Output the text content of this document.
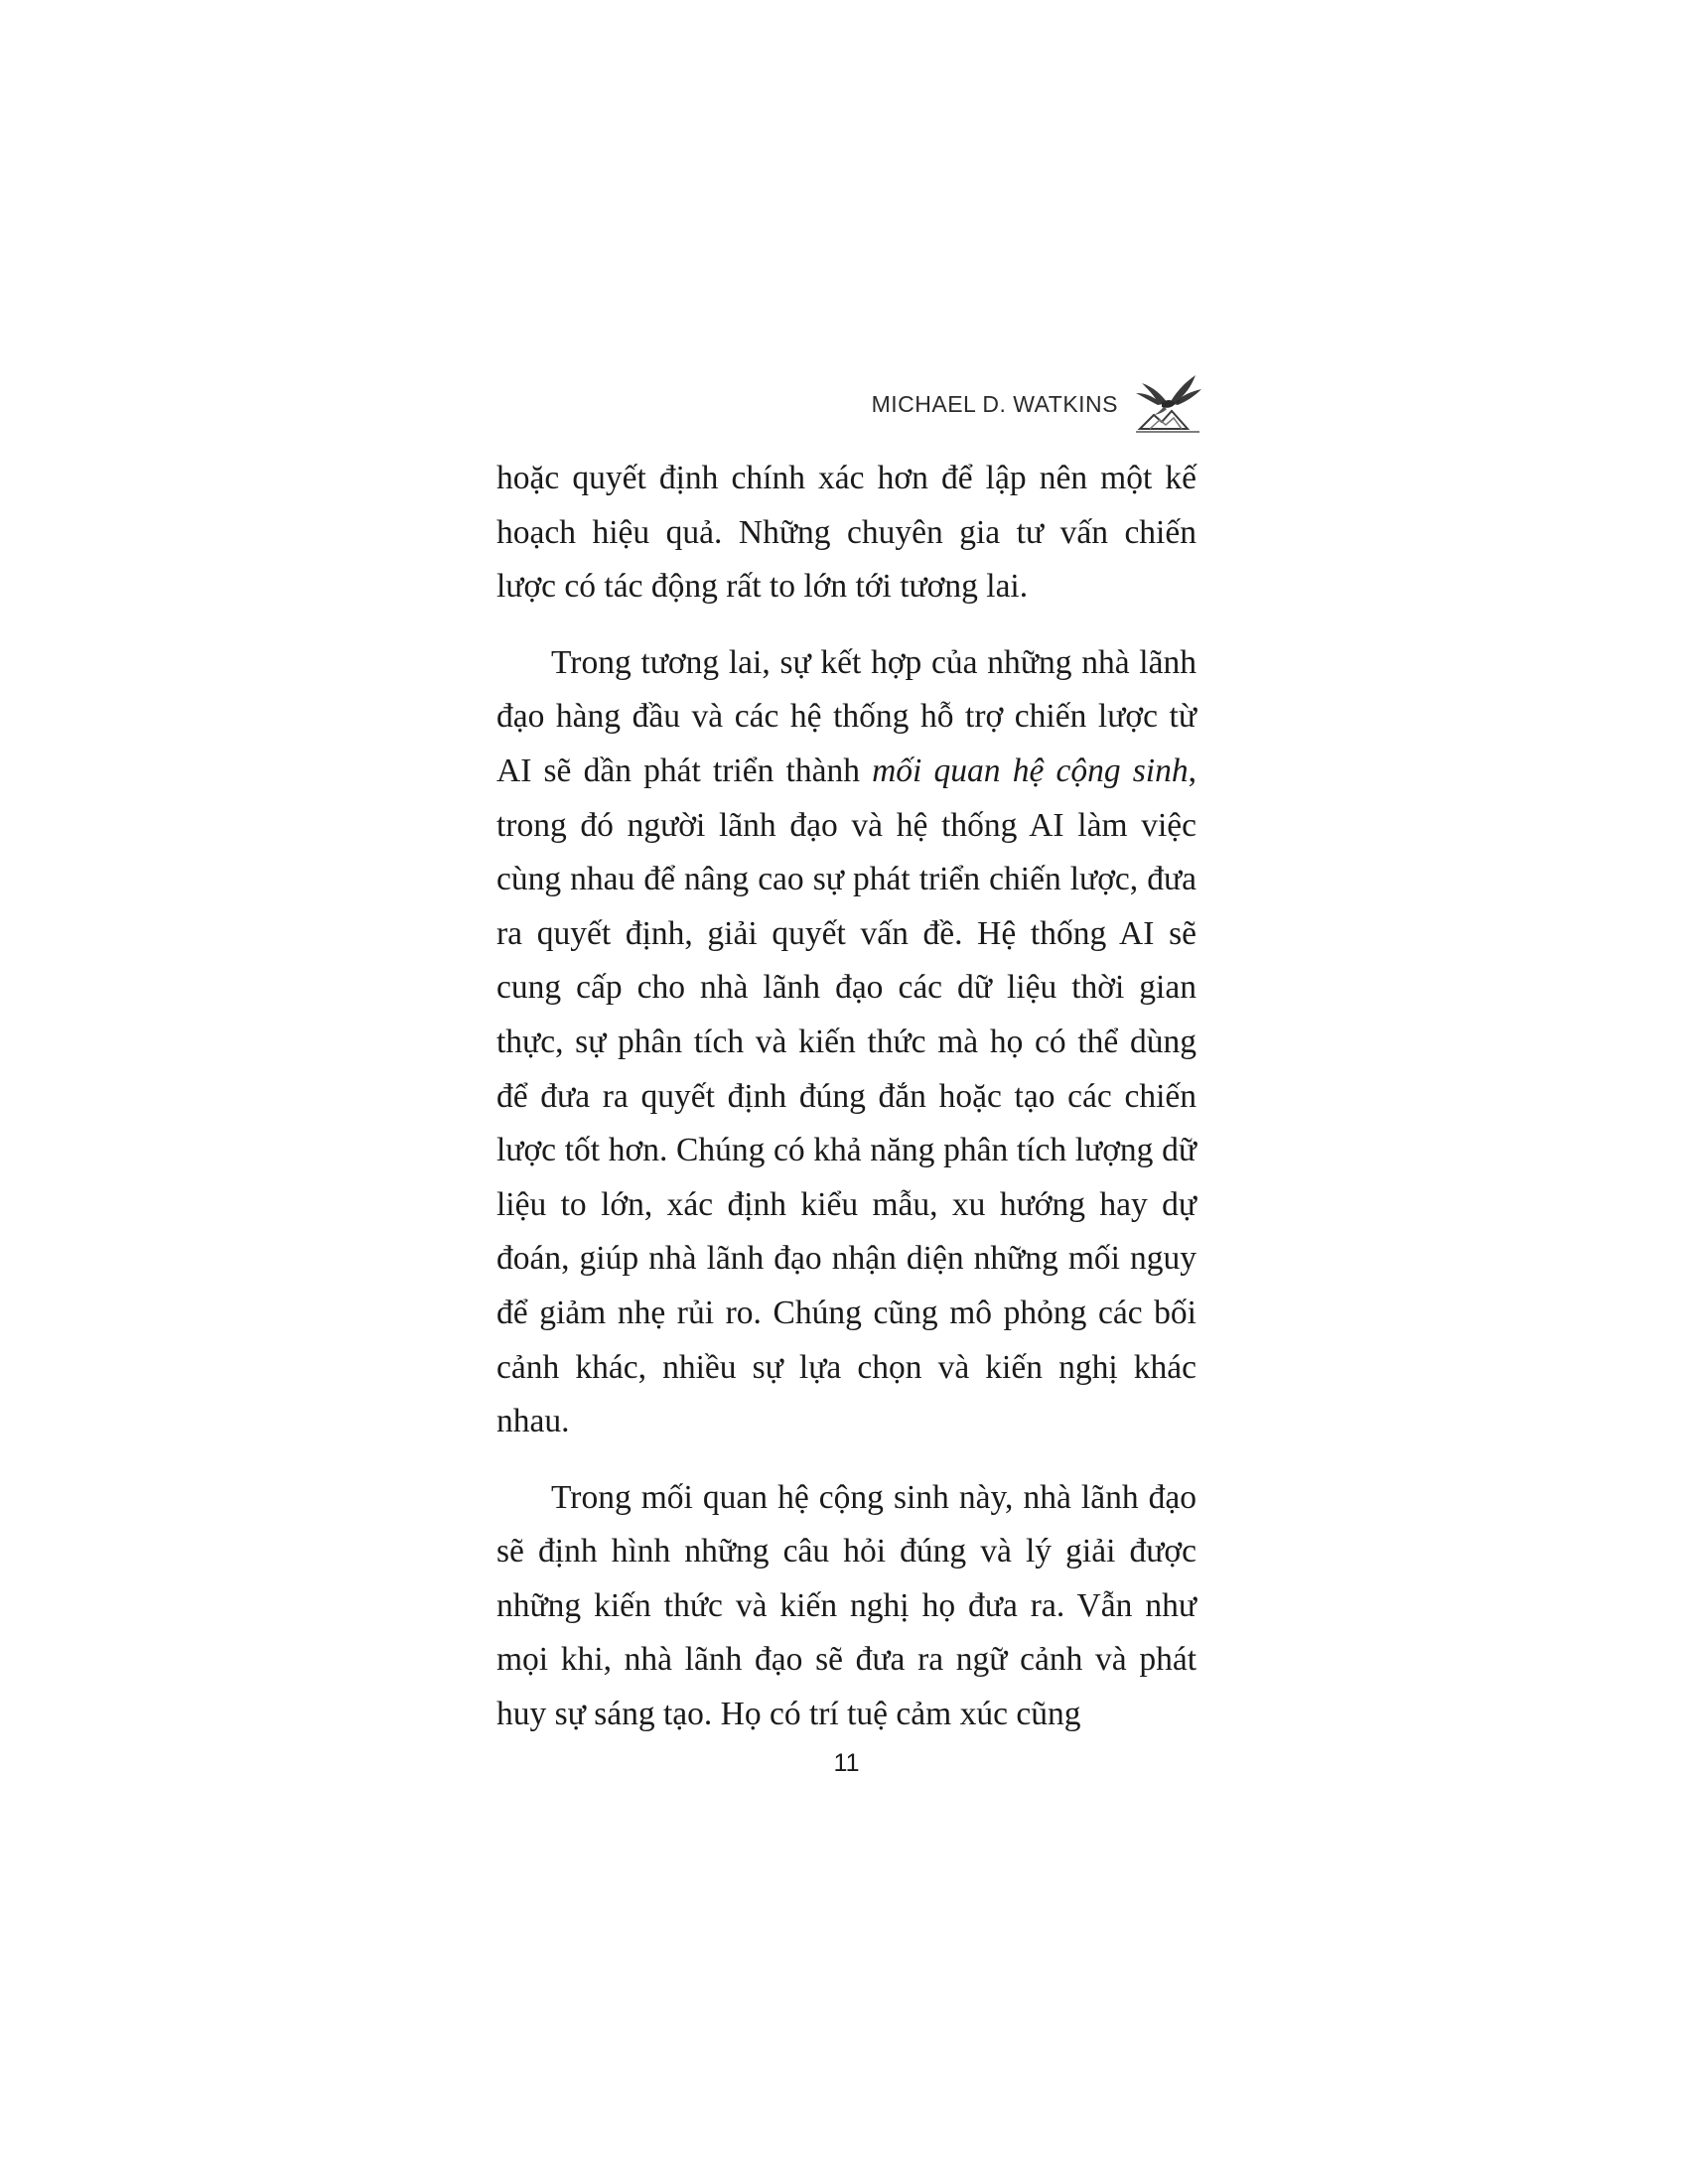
MICHAEL D. WATKINS

hoặc quyết định chính xác hơn để lập nên một kế hoạch hiệu quả. Những chuyên gia tư vấn chiến lược có tác động rất to lớn tới tương lai.

Trong tương lai, sự kết hợp của những nhà lãnh đạo hàng đầu và các hệ thống hỗ trợ chiến lược từ AI sẽ dần phát triển thành mối quan hệ cộng sinh, trong đó người lãnh đạo và hệ thống AI làm việc cùng nhau để nâng cao sự phát triển chiến lược, đưa ra quyết định, giải quyết vấn đề. Hệ thống AI sẽ cung cấp cho nhà lãnh đạo các dữ liệu thời gian thực, sự phân tích và kiến thức mà họ có thể dùng để đưa ra quyết định đúng đắn hoặc tạo các chiến lược tốt hơn. Chúng có khả năng phân tích lượng dữ liệu to lớn, xác định kiểu mẫu, xu hướng hay dự đoán, giúp nhà lãnh đạo nhận diện những mối nguy để giảm nhẹ rủi ro. Chúng cũng mô phỏng các bối cảnh khác, nhiều sự lựa chọn và kiến nghị khác nhau.

Trong mối quan hệ cộng sinh này, nhà lãnh đạo sẽ định hình những câu hỏi đúng và lý giải được những kiến thức và kiến nghị họ đưa ra. Vẫn như mọi khi, nhà lãnh đạo sẽ đưa ra ngữ cảnh và phát huy sự sáng tạo. Họ có trí tuệ cảm xúc cũng

11
